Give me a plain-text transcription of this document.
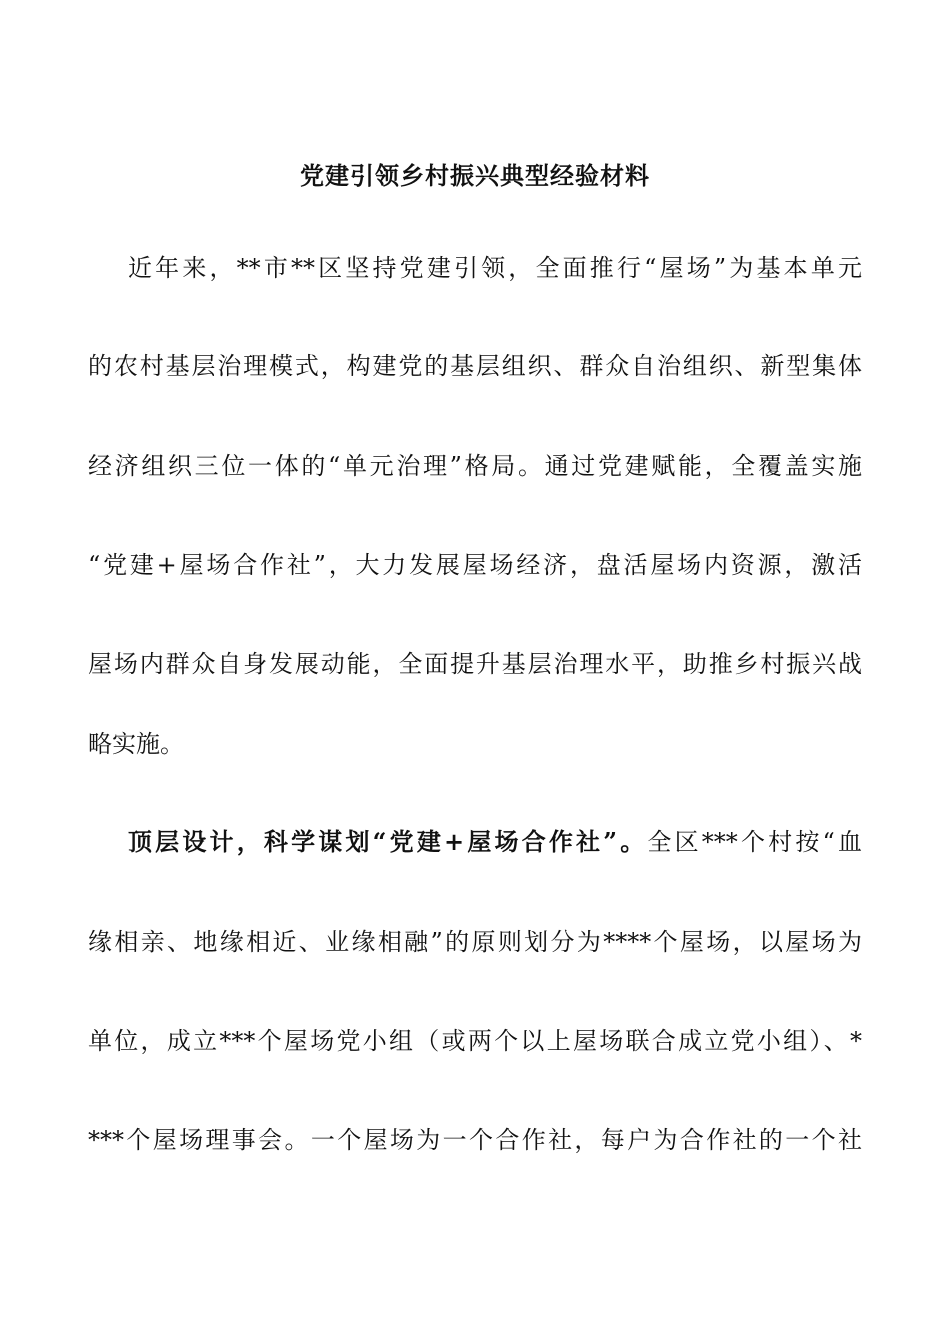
党建引领乡村振兴典型经验材料
近年来，**市**区坚持党建引领，全面推行“屋场”为基本单元
的农村基层治理模式，构建党的基层组织、群众自治组织、新型集体
经济组织三位一体的“单元治理”格局。通过党建赋能，全覆盖实施
“党建+屋场合作社”，大力发展屋场经济，盘活屋场内资源，激活
屋场内群众自身发展动能，全面提升基层治理水平，助推乡村振兴战
略实施。
顶层设计，科学谋划“党建+屋场合作社”。全区***个村按“血
缘相亲、地缘相近、业缘相融”的原则划分为****个屋场，以屋场为
单位，成立***个屋场党小组（或两个以上屋场联合成立党小组）、*
***个屋场理事会。一个屋场为一个合作社，每户为合作社的一个社
